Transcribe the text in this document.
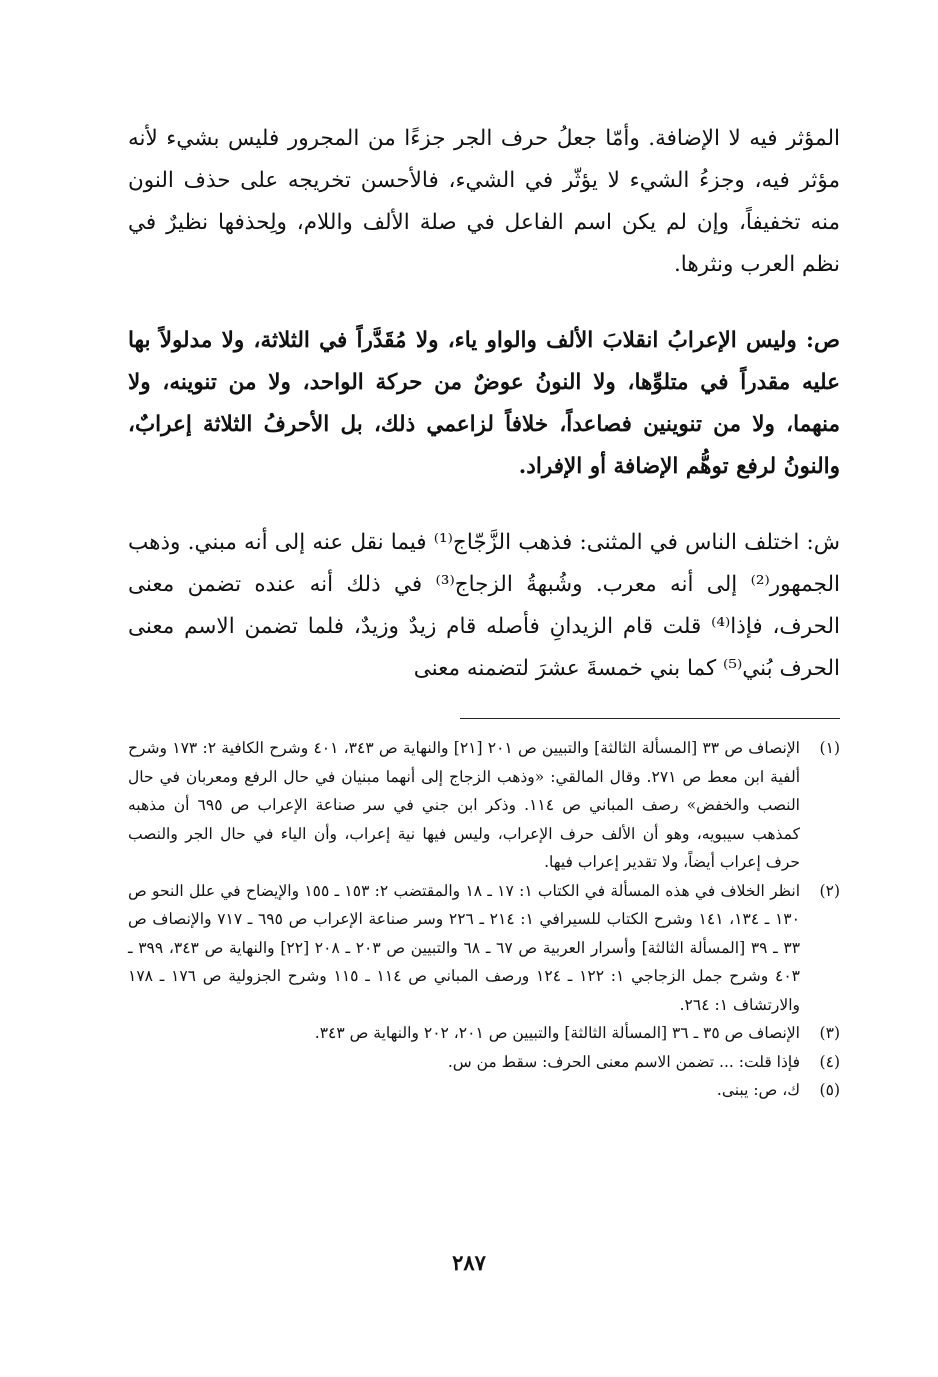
المؤثر فيه لا الإضافة. وأمّا جعلُ حرف الجر جزءًا من المجرور فليس بشيء لأنه مؤثر فيه، وجزءُ الشيء لا يؤثّر في الشيء، فالأحسن تخريجه على حذف النون منه تخفيفاً، وإن لم يكن اسم الفاعل في صلة الألف واللام، ولِحذفها نظيرٌ في نظم العرب ونثرها.

ص: وليس الإعرابُ انقلابَ الألف والواو ياء، ولا مُقَدَّراً في الثلاثة، ولا مدلولاً بها عليه مقدراً في متلوِّها، ولا النونُ عوضٌ من حركة الواحد، ولا من تنوينه، ولا منهما، ولا من تنوينين فصاعداً، خلافاً لزاعمي ذلك، بل الأحرفُ الثلاثة إعرابٌ، والنونُ لرفع توهُّم الإضافة أو الإفراد.

ش: اختلف الناس في المثنى: فذهب الزَّجّاج⁽¹⁾ فيما نقل عنه إلى أنه مبني. وذهب الجمهور⁽²⁾ إلى أنه معرب. وشُبهةُ الزجاج⁽³⁾ في ذلك أنه عنده تضمن معنى الحرف، فإذا⁽⁴⁾ قلت قام الزيدانِ فأصله قام زيدٌ وزيدٌ، فلما تضمن الاسم معنى الحرف بُني⁽⁵⁾ كما بني خمسةَ عشرَ لتضمنه معنى

(١)
الإنصاف ص ٣٣ [المسألة الثالثة] والتبيين ص ٢٠١ [٢١] والنهاية ص ٣٤٣، ٤٠١ وشرح الكافية ٢: ١٧٣ وشرح ألفية ابن معط ص ٢٧١. وقال المالقي: «وذهب الزجاج إلى أنهما مبنيان في حال الرفع ومعربان في حال النصب والخفض» رصف المباني ص ١١٤. وذكر ابن جني في سر صناعة الإعراب ص ٦٩٥ أن مذهبه كمذهب سيبويه، وهو أن الألف حرف الإعراب، وليس فيها نية إعراب، وأن الياء في حال الجر والنصب حرف إعراب أيضاً، ولا تقدير إعراب فيها.
(٢)
انظر الخلاف في هذه المسألة في الكتاب ١: ١٧ ـ ١٨ والمقتضب ٢: ١٥٣ ـ ١٥٥ والإيضاح في علل النحو ص ١٣٠ ـ ١٣٤، ١٤١ وشرح الكتاب للسيرافي ١: ٢١٤ ـ ٢٢٦ وسر صناعة الإعراب ص ٦٩٥ ـ ٧١٧ والإنصاف ص ٣٣ ـ ٣٩ [المسألة الثالثة] وأسرار العربية ص ٦٧ ـ ٦٨ والتبيين ص ٢٠٣ ـ ٢٠٨ [٢٢] والنهاية ص ٣٤٣، ٣٩٩ ـ ٤٠٣ وشرح جمل الزجاجي ١: ١٢٢ ـ ١٢٤ ورصف المباني ص ١١٤ ـ ١١٥ وشرح الجزولية ص ١٧٦ ـ ١٧٨ والارتشاف ١: ٢٦٤.
(٣)
الإنصاف ص ٣٥ ـ ٣٦ [المسألة الثالثة] والتبيين ص ٢٠١، ٢٠٢ والنهاية ص ٣٤٣.
(٤)
فإذا قلت: ... تضمن الاسم معنى الحرف: سقط من س.
(٥)
ك، ص: يبنى.
٢٨٧
